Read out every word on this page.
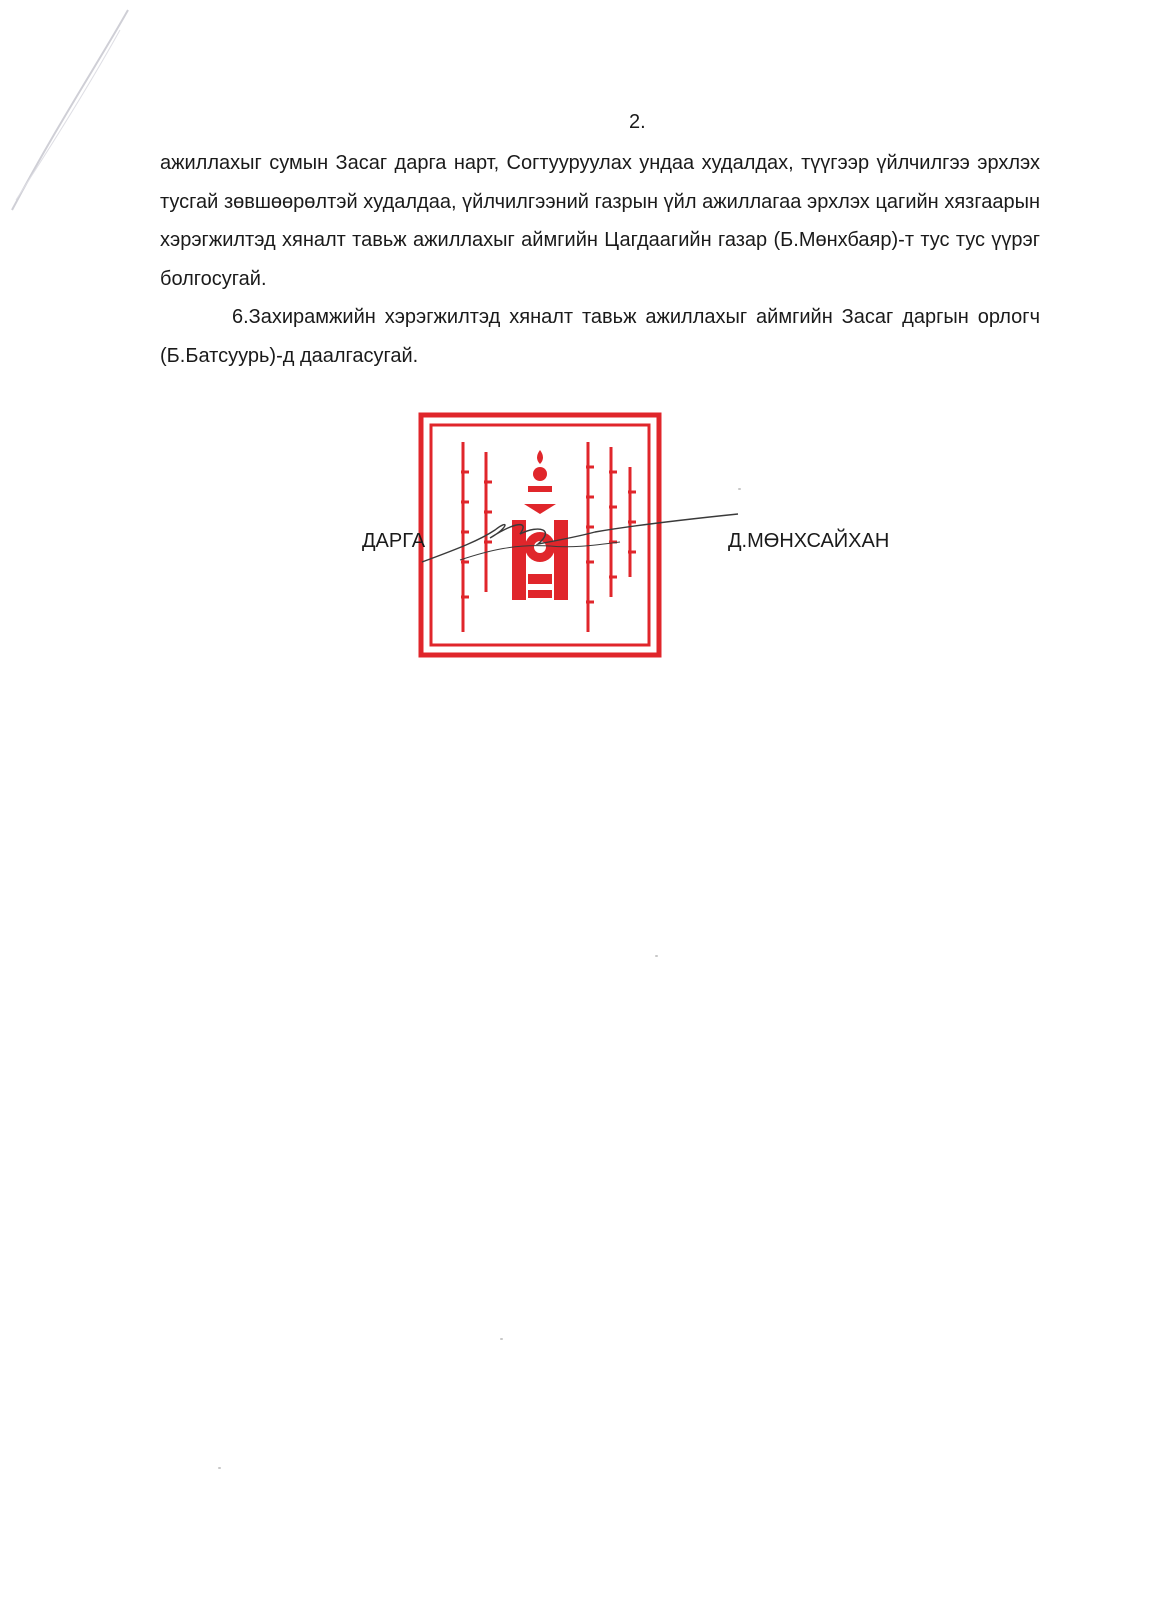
2.

ажиллахыг сумын Засаг дарга нарт, Согтууруулах ундаа худалдах, түүгээр үйлчилгээ эрхлэх тусгай зөвшөөрөлтэй худалдаа, үйлчилгээний газрын үйл ажиллагаа эрхлэх цагийн хязгаарын хэрэгжилтэд хяналт тавьж ажиллахыг аймгийн Цагдаагийн газар (Б.Мөнхбаяр)-т тус тус үүрэг болгосугай.

6.Захирамжийн хэрэгжилтэд хяналт тавьж ажиллахыг аймгийн Засаг даргын орлогч (Б.Батсуурь)-д даалгасугай.

ДАРГА	Д.МӨНХСАЙХАН
